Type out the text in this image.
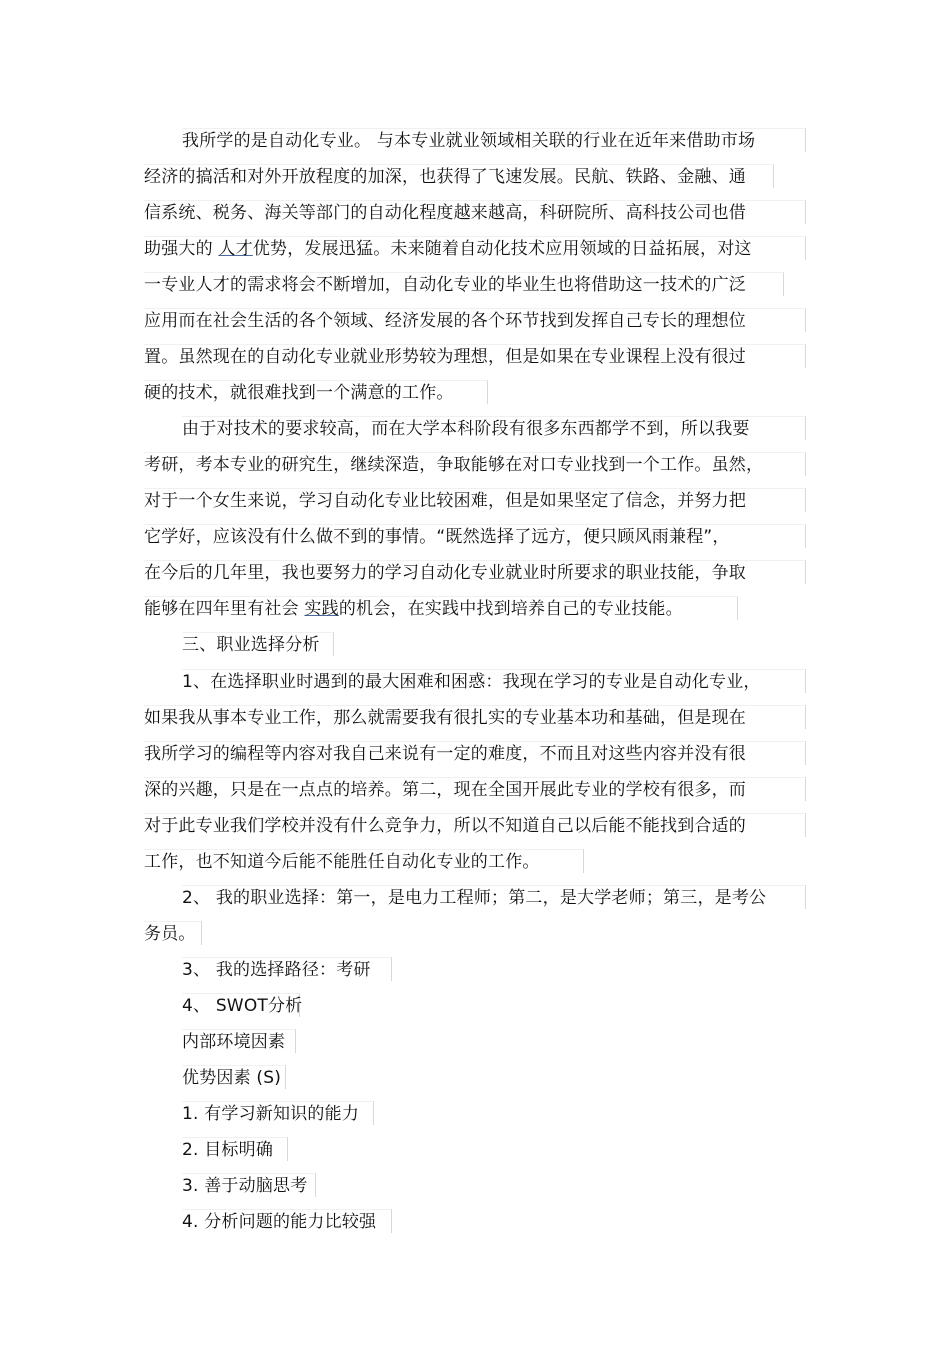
我所学的是自动化专业。 与本专业就业领域相关联的行业在近年来借助市场
经济的搞活和对外开放程度的加深，也获得了飞速发展。民航、铁路、金融、通
信系统、税务、海关等部门的自动化程度越来越高，科研院所、高科技公司也借
助强大的 人才优势，发展迅猛。未来随着自动化技术应用领域的日益拓展，对这
一专业人才的需求将会不断增加，自动化专业的毕业生也将借助这一技术的广泛
应用而在社会生活的各个领域、经济发展的各个环节找到发挥自己专长的理想位
置。虽然现在的自动化专业就业形势较为理想，但是如果在专业课程上没有很过
硬的技术，就很难找到一个满意的工作。
由于对技术的要求较高，而在大学本科阶段有很多东西都学不到，所以我要
考研，考本专业的研究生，继续深造，争取能够在对口专业找到一个工作。虽然，
对于一个女生来说，学习自动化专业比较困难，但是如果坚定了信念，并努力把
它学好，应该没有什么做不到的事情。“既然选择了远方，便只顾风雨兼程”，
在今后的几年里，我也要努力的学习自动化专业就业时所要求的职业技能，争取
能够在四年里有社会 实践的机会，在实践中找到培养自己的专业技能。
三、职业选择分析
1、在选择职业时遇到的最大困难和困惑：我现在学习的专业是自动化专业，
如果我从事本专业工作，那么就需要我有很扎实的专业基本功和基础，但是现在
我所学习的编程等内容对我自己来说有一定的难度，不而且对这些内容并没有很
深的兴趣，只是在一点点的培养。第二，现在全国开展此专业的学校有很多，而
对于此专业我们学校并没有什么竞争力，所以不知道自己以后能不能找到合适的
工作，也不知道今后能不能胜任自动化专业的工作。
2、 我的职业选择：第一，是电力工程师；第二，是大学老师；第三，是考公
务员。
3、 我的选择路径：考研
4、 SWOT分析
内部环境因素
优势因素 (S)
1. 有学习新知识的能力
2. 目标明确
3. 善于动脑思考
4. 分析问题的能力比较强
